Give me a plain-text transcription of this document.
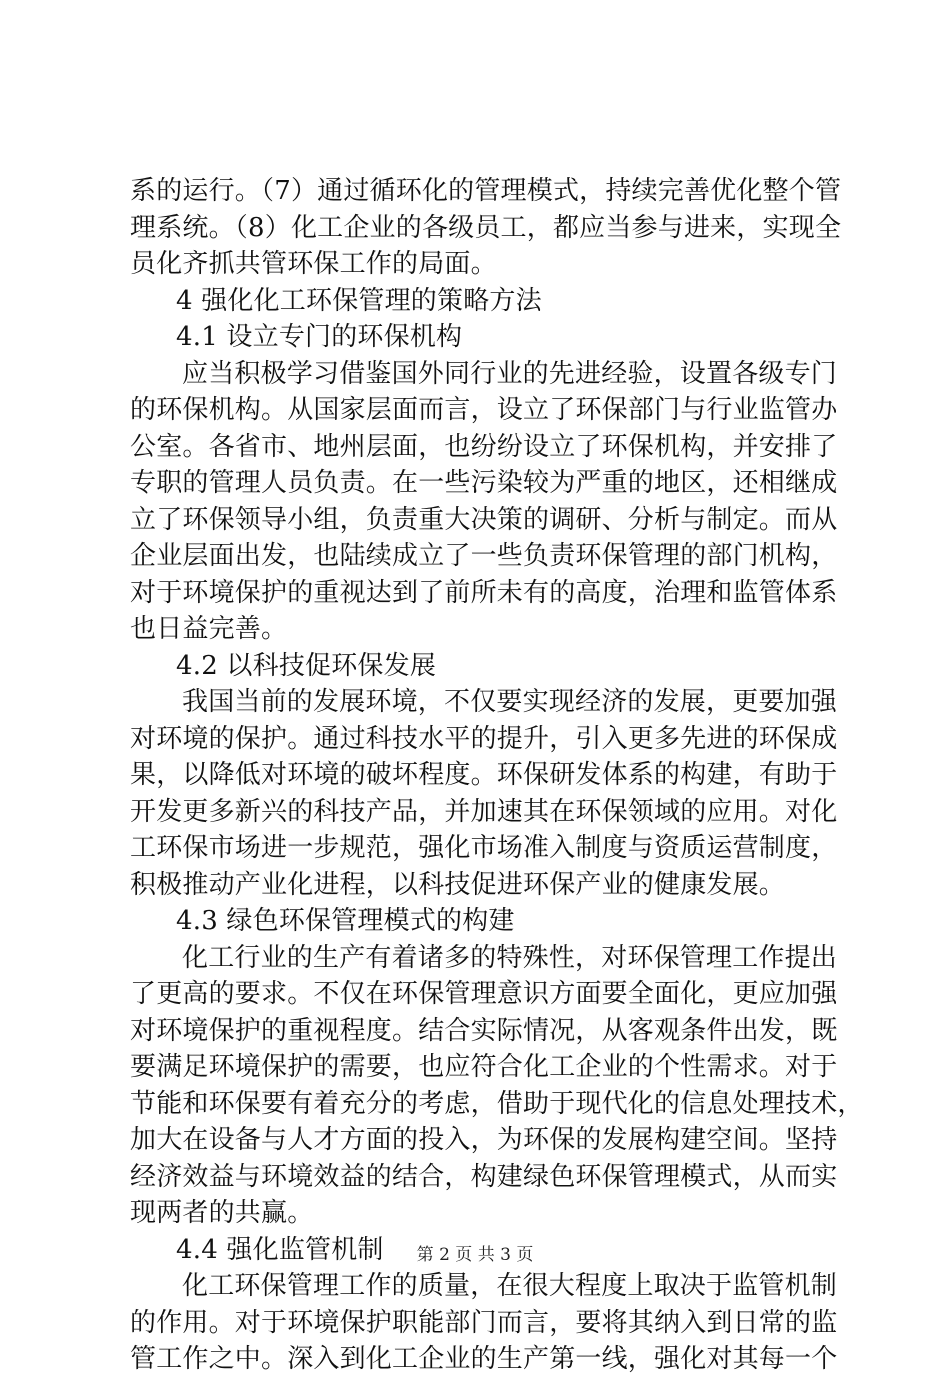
系的运行。（7）通过循环化的管理模式，持续完善优化整个管
理系统。（8）化工企业的各级员工，都应当参与进来，实现全
员化齐抓共管环保工作的局面。
4 强化化工环保管理的策略方法
4.1 设立专门的环保机构
应当积极学习借鉴国外同行业的先进经验，设置各级专门
的环保机构。从国家层面而言，设立了环保部门与行业监管办
公室。各省市、地州层面，也纷纷设立了环保机构，并安排了
专职的管理人员负责。在一些污染较为严重的地区，还相继成
立了环保领导小组，负责重大决策的调研、分析与制定。而从
企业层面出发，也陆续成立了一些负责环保管理的部门机构，
对于环境保护的重视达到了前所未有的高度，治理和监管体系
也日益完善。
4.2 以科技促环保发展
我国当前的发展环境，不仅要实现经济的发展，更要加强
对环境的保护。通过科技水平的提升，引入更多先进的环保成
果，以降低对环境的破坏程度。环保研发体系的构建，有助于
开发更多新兴的科技产品，并加速其在环保领域的应用。对化
工环保市场进一步规范，强化市场准入制度与资质运营制度，
积极推动产业化进程，以科技促进环保产业的健康发展。
4.3 绿色环保管理模式的构建
化工行业的生产有着诸多的特殊性，对环保管理工作提出
了更高的要求。不仅在环保管理意识方面要全面化，更应加强
对环境保护的重视程度。结合实际情况，从客观条件出发，既
要满足环境保护的需要，也应符合化工企业的个性需求。对于
节能和环保要有着充分的考虑，借助于现代化的信息处理技术，
加大在设备与人才方面的投入，为环保的发展构建空间。坚持
经济效益与环境效益的结合，构建绿色环保管理模式，从而实
现两者的共赢。
4.4 强化监管机制
化工环保管理工作的质量，在很大程度上取决于监管机制
的作用。对于环境保护职能部门而言，要将其纳入到日常的监
管工作之中。深入到化工企业的生产第一线，强化对其每一个
第 2 页 共 3 页
